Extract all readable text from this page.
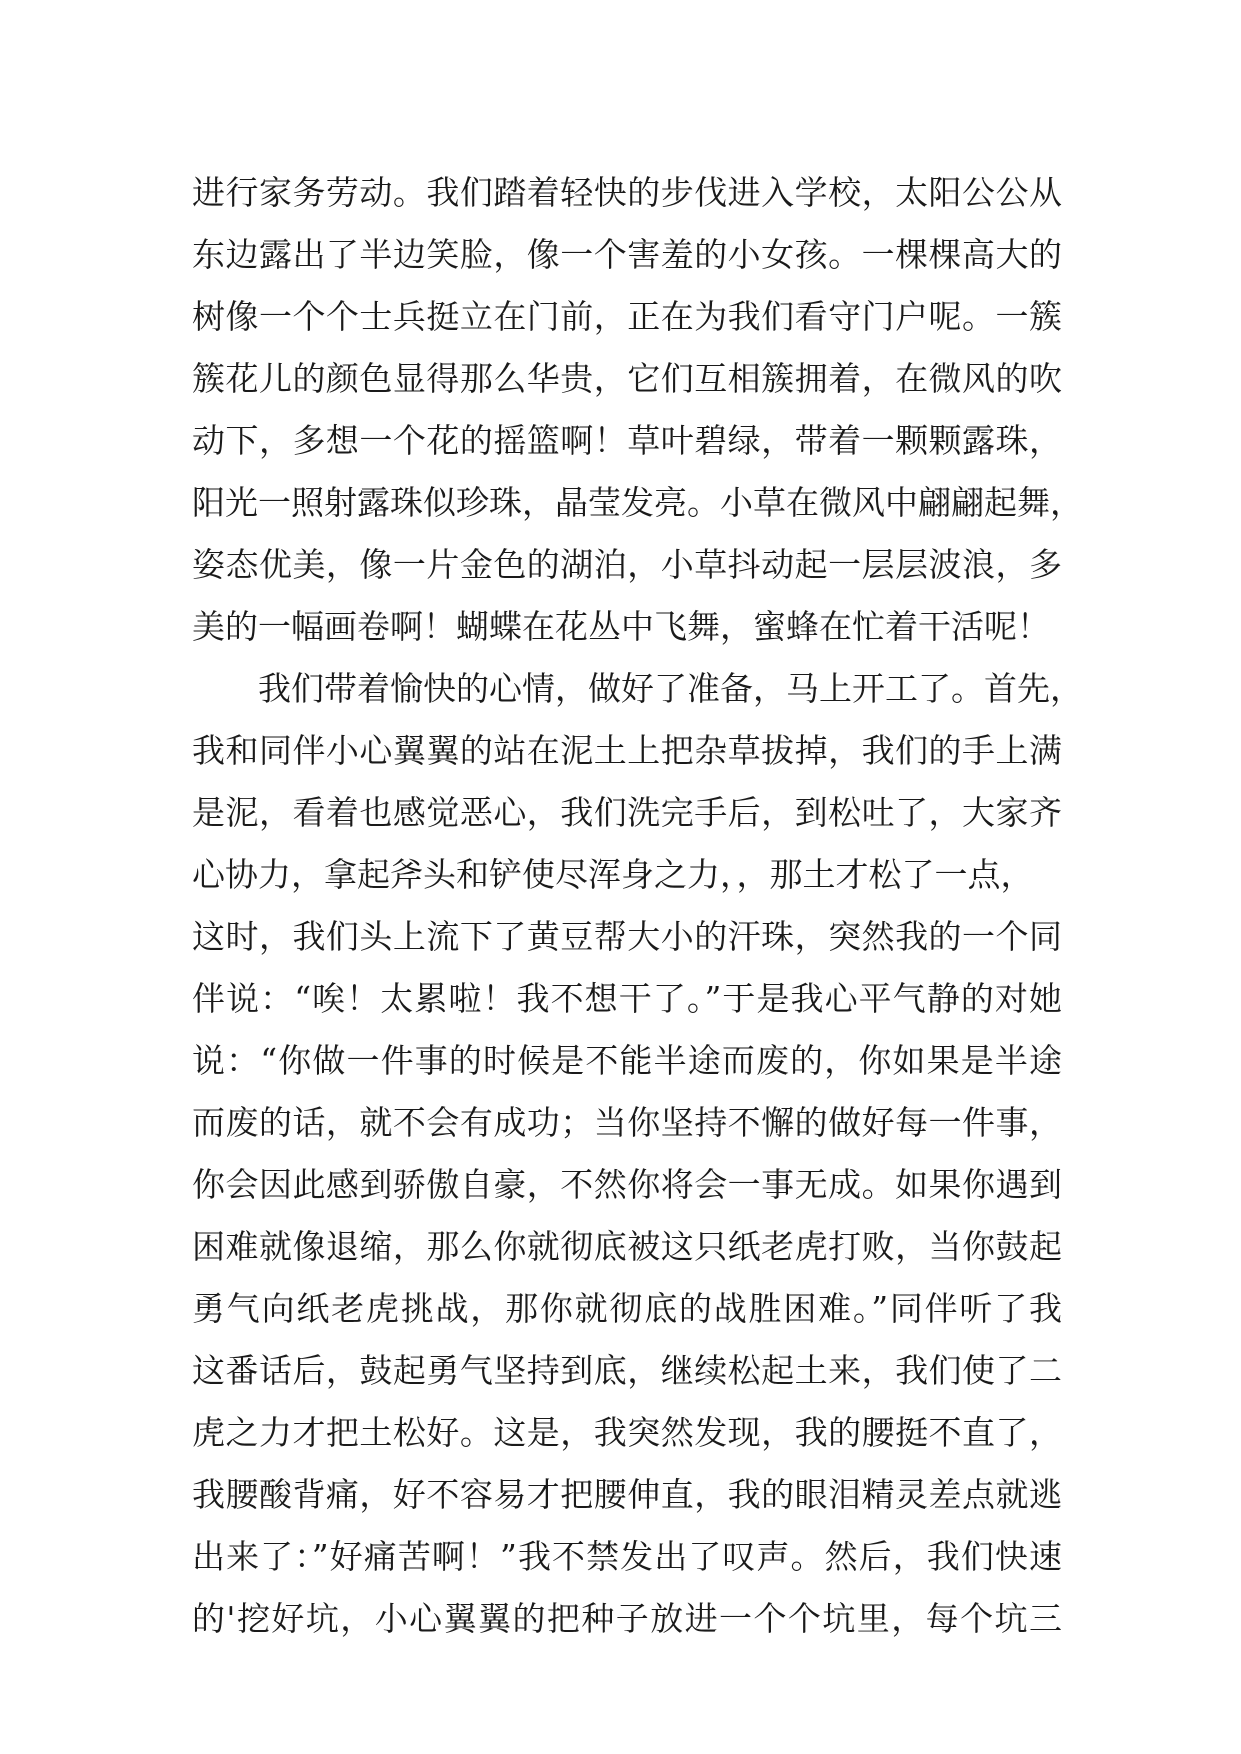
进行家务劳动。我们踏着轻快的步伐进入学校，太阳公公从
东边露出了半边笑脸，像一个害羞的小女孩。一棵棵高大的
树像一个个士兵挺立在门前，正在为我们看守门户呢。一簇
簇花儿的颜色显得那么华贵，它们互相簇拥着，在微风的吹
动下，多想一个花的摇篮啊！草叶碧绿，带着一颗颗露珠，
阳光一照射露珠似珍珠，晶莹发亮。小草在微风中翩翩起舞，
姿态优美，像一片金色的湖泊，小草抖动起一层层波浪，多
美的一幅画卷啊！蝴蝶在花丛中飞舞，蜜蜂在忙着干活呢！
我们带着愉快的心情，做好了准备，马上开工了。首先，
我和同伴小心翼翼的站在泥土上把杂草拔掉，我们的手上满
是泥，看着也感觉恶心，我们洗完手后，到松吐了，大家齐
心协力，拿起斧头和铲使尽浑身之力，，那土才松了一点，
这时，我们头上流下了黄豆帮大小的汗珠，突然我的一个同
伴说：“唉！太累啦！我不想干了。”于是我心平气静的对她
说：“你做一件事的时候是不能半途而废的，你如果是半途
而废的话，就不会有成功；当你坚持不懈的做好每一件事，
你会因此感到骄傲自豪，不然你将会一事无成。如果你遇到
困难就像退缩，那么你就彻底被这只纸老虎打败，当你鼓起
勇气向纸老虎挑战，那你就彻底的战胜困难。”同伴听了我
这番话后，鼓起勇气坚持到底，继续松起土来，我们使了二
虎之力才把土松好。这是，我突然发现，我的腰挺不直了，
我腰酸背痛，好不容易才把腰伸直，我的眼泪精灵差点就逃
出来了：”好痛苦啊！”我不禁发出了叹声。然后，我们快速
的'挖好坑，小心翼翼的把种子放进一个个坑里，每个坑三
